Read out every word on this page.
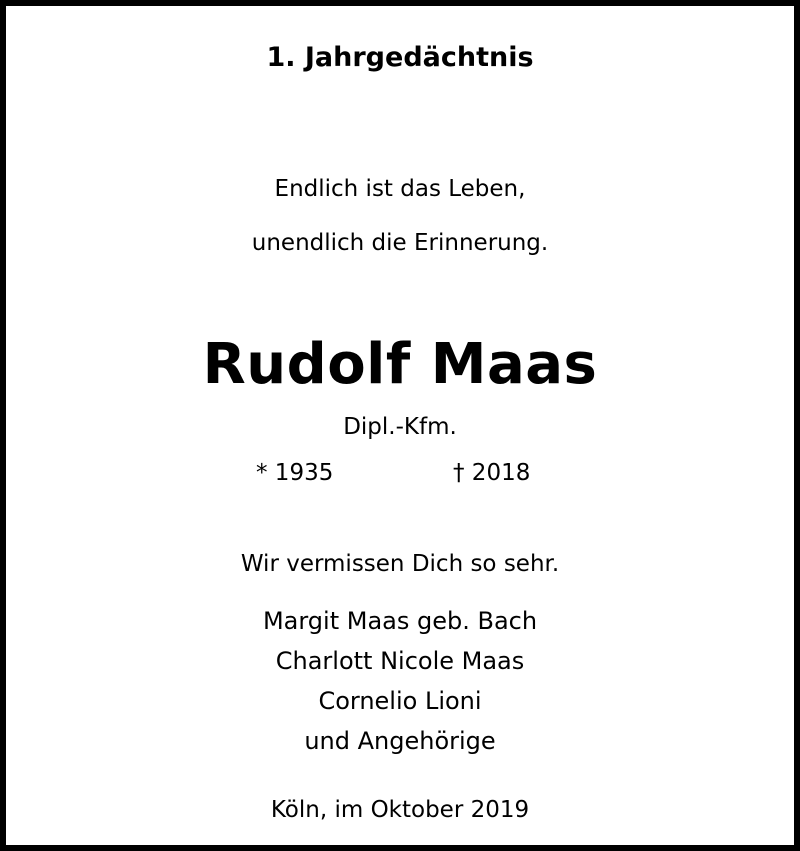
1. Jahrgedächtnis
Endlich ist das Leben,
unendlich die Erinnerung.
Rudolf Maas
Dipl.-Kfm.
* 1935	† 2018
Wir vermissen Dich so sehr.
Margit Maas geb. Bach
Charlott Nicole Maas
Cornelio Lioni
und Angehörige
Köln, im Oktober 2019
